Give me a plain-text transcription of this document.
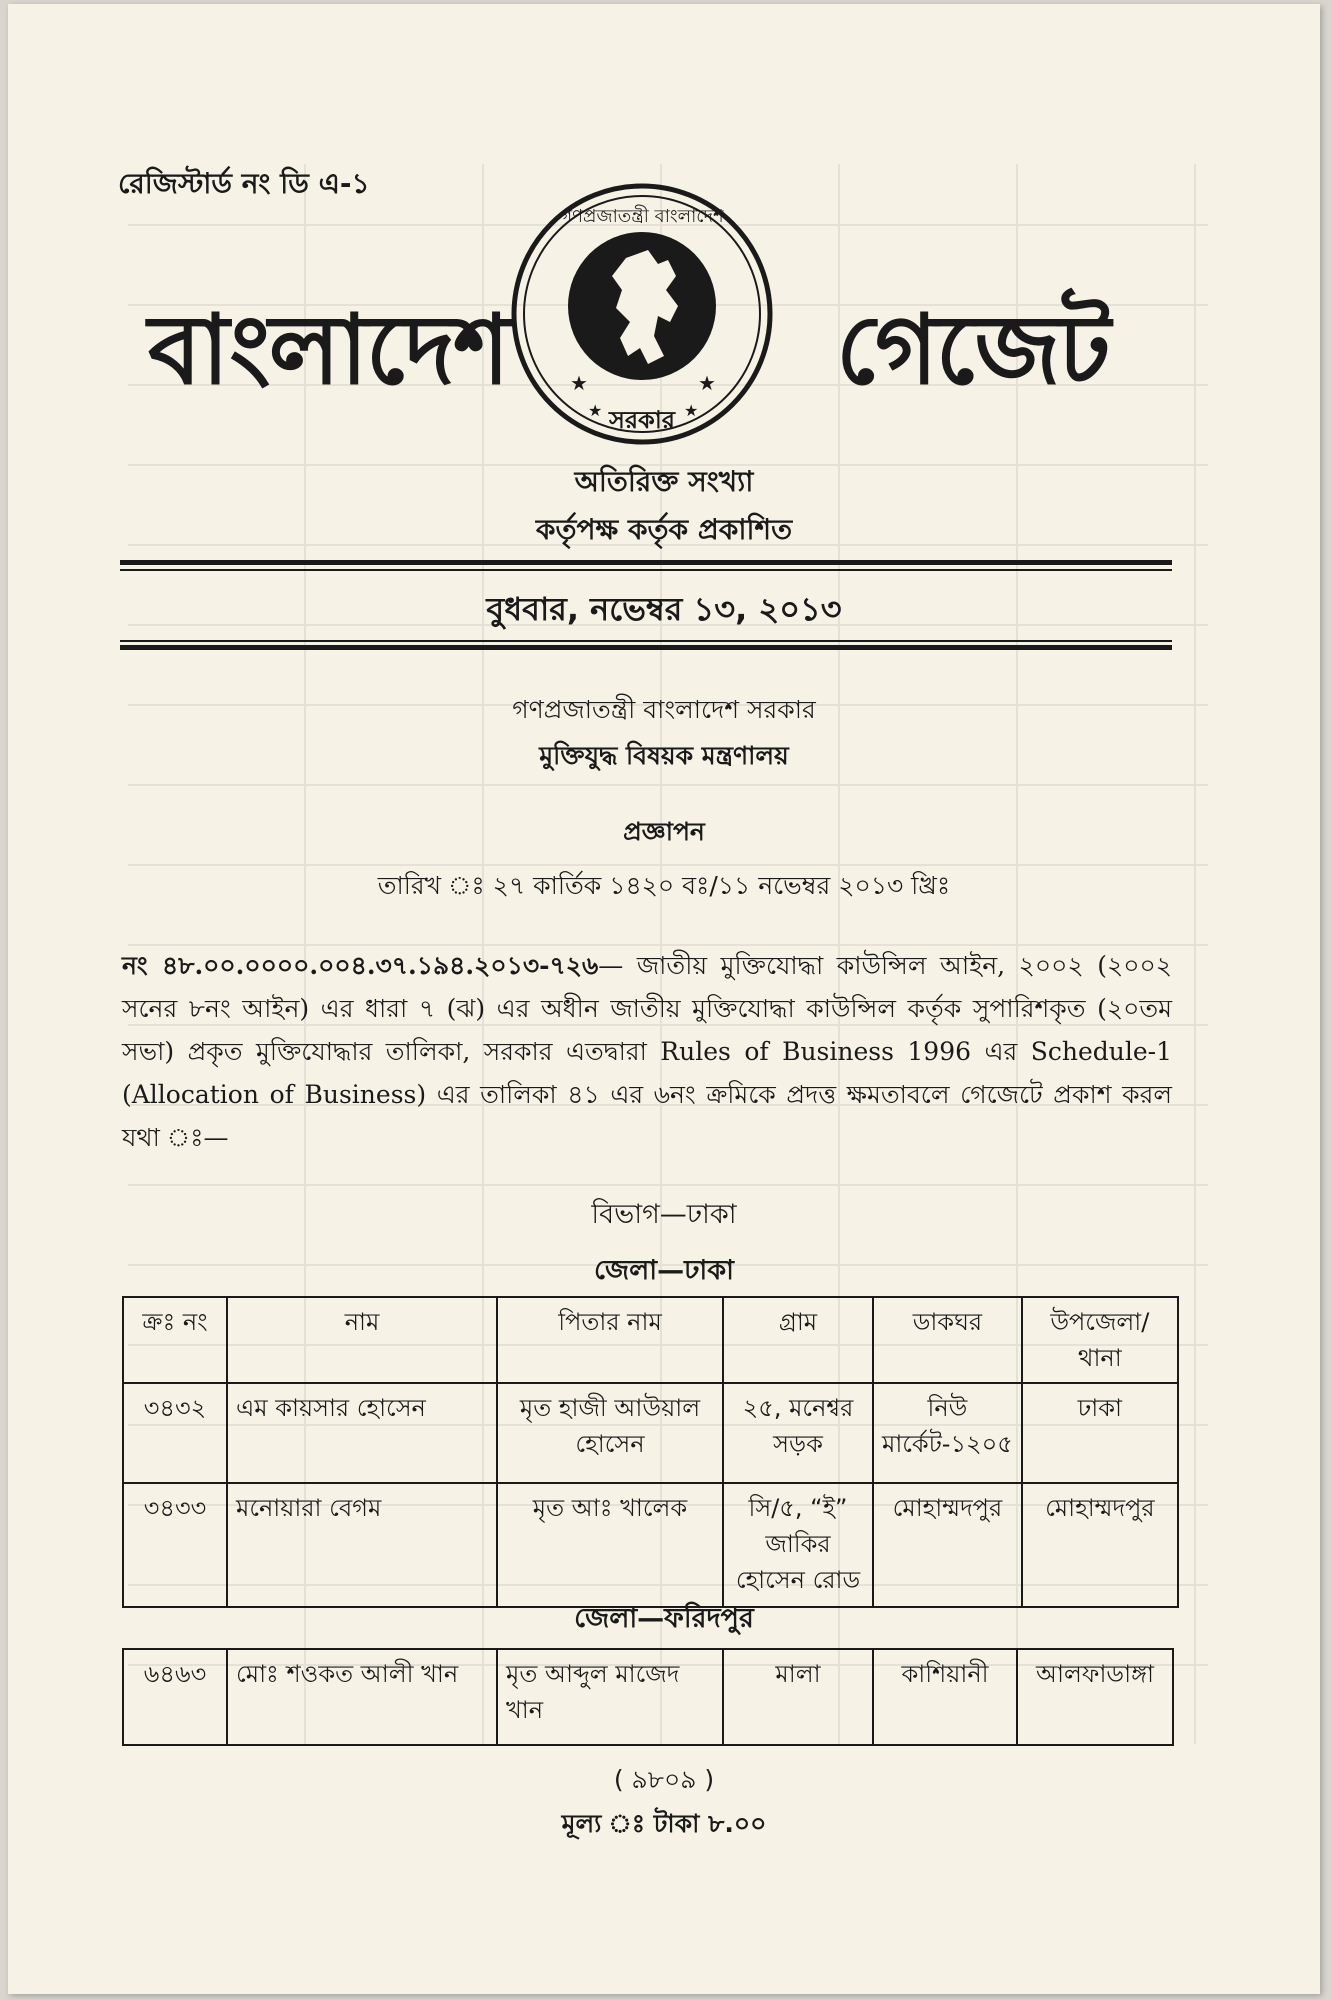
রেজিস্টার্ড নং ডি এ-১
বাংলাদেশ	★	★
★	★
গণপ্রজাতন্ত্রী বাংলাদেশ
সরকার
গেজেট
অতিরিক্ত সংখ্যা
কর্তৃপক্ষ কর্তৃক প্রকাশিত
বুধবার, নভেম্বর ১৩, ২০১৩
গণপ্রজাতন্ত্রী বাংলাদেশ সরকার
মুক্তিযুদ্ধ বিষয়ক মন্ত্রণালয়
প্রজ্ঞাপন
তারিখ ঃ ২৭ কার্তিক ১৪২০ বঃ/১১ নভেম্বর ২০১৩ খ্রিঃ
নং ৪৮.০০.০০০০.০০৪.৩৭.১৯৪.২০১৩-৭২৬— জাতীয় মুক্তিযোদ্ধা কাউন্সিল আইন, ২০০২ (২০০২ সনের ৮নং আইন) এর ধারা ৭ (ঝ) এর অধীন জাতীয় মুক্তিযোদ্ধা কাউন্সিল কর্তৃক সুপারিশকৃত (২০তম সভা) প্রকৃত মুক্তিযোদ্ধার তালিকা, সরকার এতদ্বারা Rules of Business 1996 এর Schedule-1 (Allocation of Business) এর তালিকা ৪১ এর ৬নং ক্রমিকে প্রদত্ত ক্ষমতাবলে গেজেটে প্রকাশ করল যথা ঃ—
বিভাগ—ঢাকা
জেলা—ঢাকা
ক্রঃ নং	নাম	পিতার নাম	গ্রাম	ডাকঘর	উপজেলা/থানা
৩৪৩২	এম কায়সার হোসেন	মৃত হাজী আউয়াল হোসেন	২৫, মনেশ্বর সড়ক	নিউ মার্কেট-১২০৫	ঢাকা
৩৪৩৩	মনোয়ারা বেগম	মৃত আঃ খালেক	সি/৫, “ই” জাকির হোসেন রোড	মোহাম্মদপুর	মোহাম্মদপুর
জেলা—ফরিদপুর
৬৪৬৩	মোঃ শওকত আলী খান	মৃত আব্দুল মাজেদ খান	মালা	কাশিয়ানী	আলফাডাঙ্গা
( ৯৮০৯ )
মূল্য ঃ টাকা ৮.০০
